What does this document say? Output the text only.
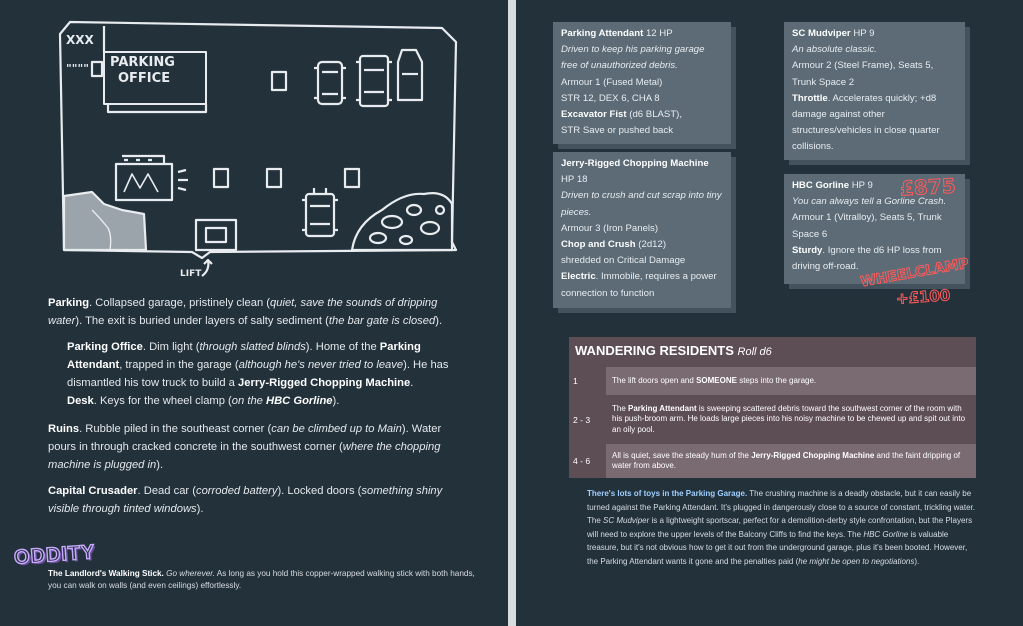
XXX
"""" PARKING
OFFICE
LIFT

Parking. Collapsed garage, pristinely clean (quiet, save the sounds of dripping water). The exit is buried under layers of salty sediment (the bar gate is closed).

Parking Office. Dim light (through slatted blinds). Home of the Parking Attendant, trapped in the garage (although he's never tried to leave). He has dismantled his tow truck to build a Jerry-Rigged Chopping Machine.

Desk. Keys for the wheel clamp (on the HBC Gorline).

Ruins. Rubble piled in the southeast corner (can be climbed up to Main). Water pours in through cracked concrete in the southwest corner (where the chopping machine is plugged in).

Capital Crusader. Dead car (corroded battery). Locked doors (something shiny visible through tinted windows).

ODDITY
The Landlord's Walking Stick. Go wherever. As long as you hold this copper-wrapped walking stick with both hands, you can walk on walls (and even ceilings) effortlessly.
Parking Attendant 12 HP
Driven to keep his parking garage free of unauthorized debris.
Armour 1 (Fused Metal)
STR 12, DEX 6, CHA 8
Excavator Fist (d6 BLAST),
STR Save or pushed back
Jerry-Rigged Chopping Machine HP 18
Driven to crush and cut scrap into tiny pieces.
Armour 3 (Iron Panels)
Chop and Crush (2d12)
shredded on Critical Damage
Electric. Immobile, requires a power connection to function
SC Mudviper HP 9
An absolute classic.
Armour 2 (Steel Frame), Seats 5, Trunk Space 2
Throttle. Accelerates quickly; +d8 damage against other structures/vehicles in close quarter collisions.
HBC Gorline HP 9
You can always tell a Gorline Crash.
Armour 1 (Vitralloy), Seats 5, Trunk Space 6
Sturdy. Ignore the d6 HP loss from driving off-road.
£875
WHEELCLAMP
+£100
WANDERING RESIDENTS Roll d6
1	The lift doors open and SOMEONE steps into the garage.
2 - 3
The Parking Attendant is sweeping scattered debris toward the southwest corner of the room with his push-broom arm. He loads large pieces into his noisy machine to be chewed up and spit out into an oily pool.
4 - 6
All is quiet, save the steady hum of the Jerry-Rigged Chopping Machine and the faint dripping of water from above.
There's lots of toys in the Parking Garage. The crushing machine is a deadly obstacle, but it can easily be turned against the Parking Attendant. It's plugged in dangerously close to a source of constant, trickling water. The SC Mudviper is a lightweight sportscar, perfect for a demolition-derby style confrontation, but the Players will need to explore the upper levels of the Balcony Cliffs to find the keys. The HBC Gorline is valuable treasure, but it's not obvious how to get it out from the underground garage, plus it's been booted. However, the Parking Attendant wants it gone and the penalties paid (he might be open to negotiations).
